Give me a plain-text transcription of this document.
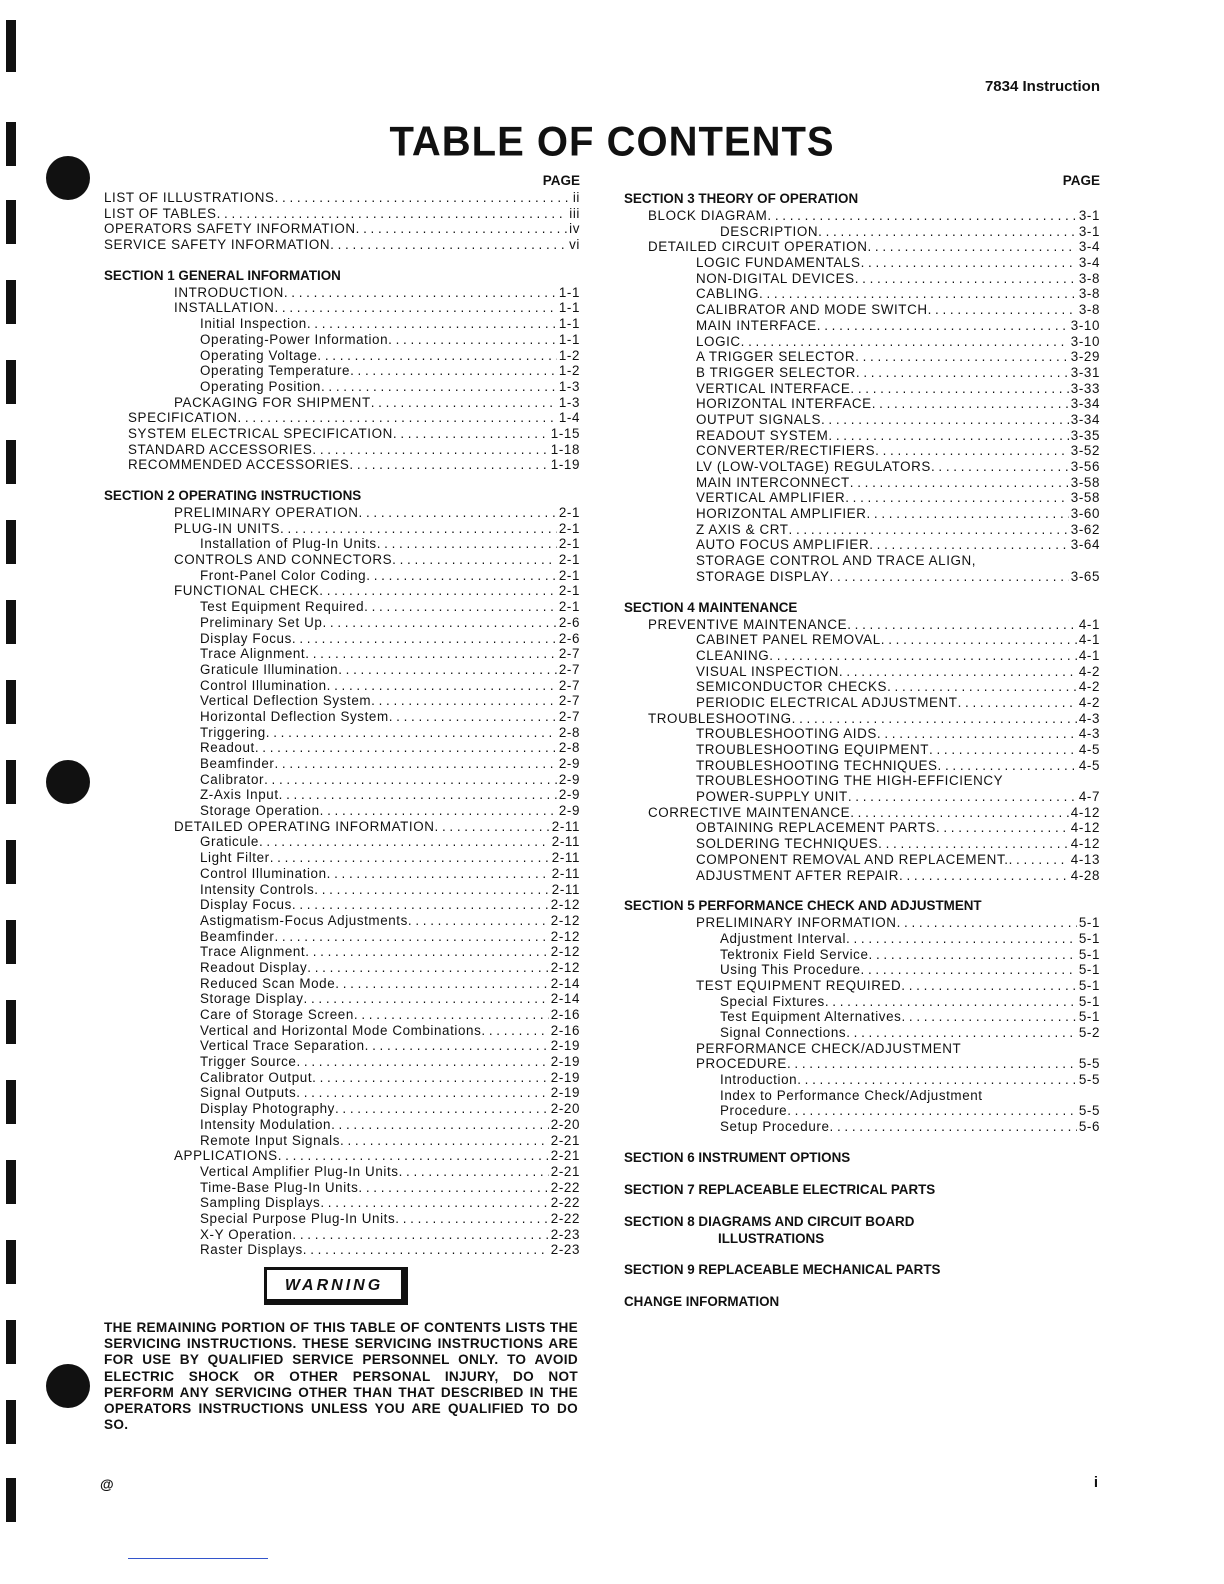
7834 Instruction
TABLE OF CONTENTS
PAGE
LIST OF ILLUSTRATIONS . . .	ii
LIST OF TABLES . . .	iii
OPERATORS SAFETY INFORMATION . . .	iv
SERVICE SAFETY INFORMATION . . .	vi
SECTION 1 GENERAL INFORMATION
INTRODUCTION . . .	1-1
INSTALLATION . . .	1-1
Initial Inspection . . .	1-1
Operating-Power Information . . .	1-1
Operating Voltage . . .	1-2
Operating Temperature . . .	1-2
Operating Position . . .	1-3
PACKAGING FOR SHIPMENT . . .	1-3
SPECIFICATION . . .	1-4
SYSTEM ELECTRICAL SPECIFICATION . . .	1-15
STANDARD ACCESSORIES . . .	1-18
RECOMMENDED ACCESSORIES . . .	1-19
SECTION 2 OPERATING INSTRUCTIONS
PRELIMINARY OPERATION . . .	2-1
PLUG-IN UNITS . . .	2-1
Installation of Plug-In Units . . .	2-1
CONTROLS AND CONNECTORS . . .	2-1
Front-Panel Color Coding . . .	2-1
FUNCTIONAL CHECK . . .	2-1
Test Equipment Required . . .	2-1
Preliminary Set Up . . .	2-6
Display Focus . . .	2-6
Trace Alignment . . .	2-7
Graticule Illumination . . .	2-7
Control Illumination . . .	2-7
Vertical Deflection System . . .	2-7
Horizontal Deflection System . . .	2-7
Triggering . . .	2-8
Readout . . .	2-8
Beamfinder . . .	2-9
Calibrator . . .	2-9
Z-Axis Input . . .	2-9
Storage Operation . . .	2-9
DETAILED OPERATING INFORMATION . . .	2-11
Graticule . . .	2-11
Light Filter . . .	2-11
Control Illumination . . .	2-11
Intensity Controls . . .	2-11
Display Focus . . .	2-12
Astigmatism-Focus Adjustments . . .	2-12
Beamfinder . . .	2-12
Trace Alignment . . .	2-12
Readout Display . . .	2-12
Reduced Scan Mode . . .	2-14
Storage Display . . .	2-14
Care of Storage Screen . . .	2-16
Vertical and Horizontal Mode Combinations . . .	2-16
Vertical Trace Separation . . .	2-19
Trigger Source . . .	2-19
Calibrator Output . . .	2-19
Signal Outputs . . .	2-19
Display Photography . . .	2-20
Intensity Modulation . . .	2-20
Remote Input Signals . . .	2-21
APPLICATIONS . . .	2-21
Vertical Amplifier Plug-In Units . . .	2-21
Time-Base Plug-In Units . . .	2-22
Sampling Displays . . .	2-22
Special Purpose Plug-In Units . . .	2-22
X-Y Operation . . .	2-23
Raster Displays . . .	2-23
PAGE
SECTION 3 THEORY OF OPERATION
BLOCK DIAGRAM . . .	3-1
DESCRIPTION . . .	3-1
DETAILED CIRCUIT OPERATION . . .	3-4
LOGIC FUNDAMENTALS . . .	3-4
NON-DIGITAL DEVICES . . .	3-8
CABLING . . .	3-8
CALIBRATOR AND MODE SWITCH . . .	3-8
MAIN INTERFACE . . .	3-10
LOGIC . . .	3-10
A TRIGGER SELECTOR . . .	3-29
B TRIGGER SELECTOR . . .	3-31
VERTICAL INTERFACE . . .	3-33
HORIZONTAL INTERFACE . . .	3-34
OUTPUT SIGNALS . . .	3-34
READOUT SYSTEM . . .	3-35
CONVERTER/RECTIFIERS . . .	3-52
LV (LOW-VOLTAGE) REGULATORS . . .	3-56
MAIN INTERCONNECT . . .	3-58
VERTICAL AMPLIFIER . . .	3-58
HORIZONTAL AMPLIFIER . . .	3-60
Z AXIS & CRT . . .	3-62
AUTO FOCUS AMPLIFIER . . .	3-64
STORAGE CONTROL AND TRACE ALIGN,
STORAGE DISPLAY . . .	3-65
SECTION 4 MAINTENANCE
PREVENTIVE MAINTENANCE . . .	4-1
CABINET PANEL REMOVAL . . .	4-1
CLEANING . . .	4-1
VISUAL INSPECTION . . .	4-2
SEMICONDUCTOR CHECKS . . .	4-2
PERIODIC ELECTRICAL ADJUSTMENT . . .	4-2
TROUBLESHOOTING . . .	4-3
TROUBLESHOOTING AIDS . . .	4-3
TROUBLESHOOTING EQUIPMENT . . .	4-5
TROUBLESHOOTING TECHNIQUES . . .	4-5
TROUBLESHOOTING THE HIGH-EFFICIENCY
POWER-SUPPLY UNIT . . .	4-7
CORRECTIVE MAINTENANCE . . .	4-12
OBTAINING REPLACEMENT PARTS . . .	4-12
SOLDERING TECHNIQUES . . .	4-12
COMPONENT REMOVAL AND REPLACEMENT. . . .	4-13
ADJUSTMENT AFTER REPAIR . . .	4-28
SECTION 5 PERFORMANCE CHECK AND ADJUSTMENT
PRELIMINARY INFORMATION . . .	5-1
Adjustment Interval . . .	5-1
Tektronix Field Service . . .	5-1
Using This Procedure . . .	5-1
TEST EQUIPMENT REQUIRED . . .	5-1
Special Fixtures . . .	5-1
Test Equipment Alternatives . . .	5-1
Signal Connections . . .	5-2
PERFORMANCE CHECK/ADJUSTMENT
PROCEDURE . . .	5-5
Introduction . . .	5-5
Index to Performance Check/Adjustment
Procedure . . .	5-5
Setup Procedure . . .	5-6
SECTION 6 INSTRUMENT OPTIONS
SECTION 7 REPLACEABLE ELECTRICAL PARTS
SECTION 8 DIAGRAMS AND CIRCUIT BOARD
ILLUSTRATIONS
SECTION 9 REPLACEABLE MECHANICAL PARTS
CHANGE INFORMATION
WARNING
THE REMAINING PORTION OF THIS TABLE OF CONTENTS LISTS THE SERVICING INSTRUCTIONS. THESE SERVICING INSTRUCTIONS ARE FOR USE BY QUALIFIED SERVICE PERSONNEL ONLY. TO AVOID ELECTRIC SHOCK OR OTHER PERSONAL INJURY, DO NOT PERFORM ANY SERVICING OTHER THAN THAT DESCRIBED IN THE OPERATORS INSTRUCTIONS UNLESS YOU ARE QUALIFIED TO DO SO.
@	i
